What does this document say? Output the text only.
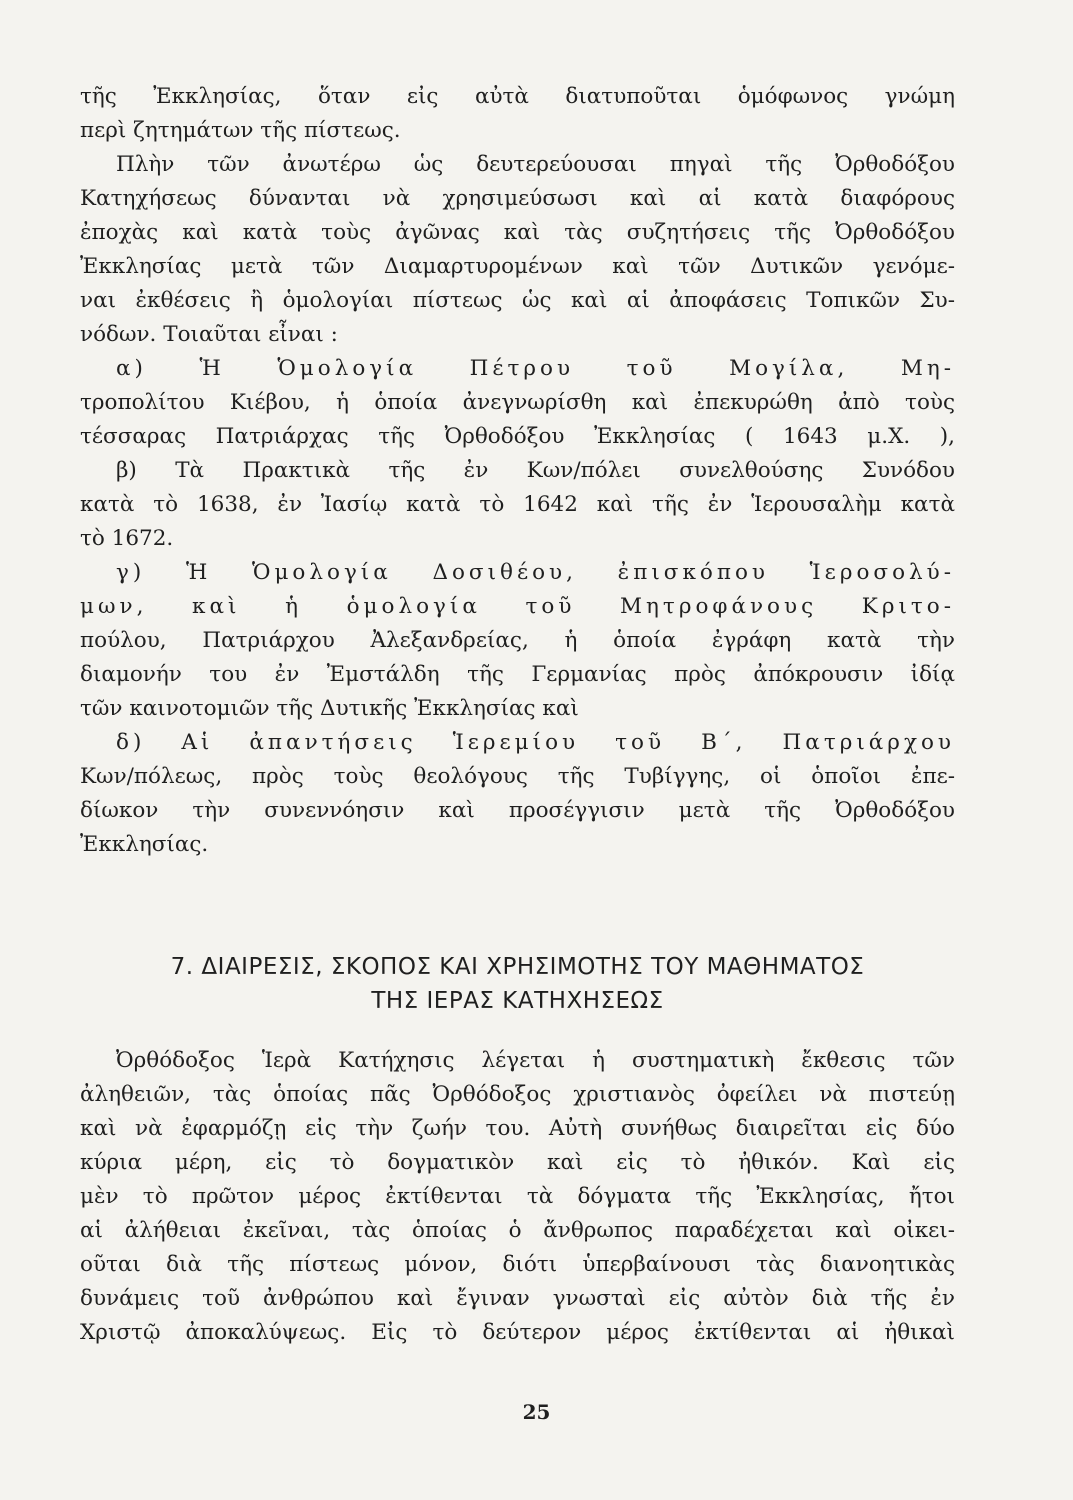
τῆς Ἐκκλησίας, ὅταν εἰς αὐτὰ διατυποῦται ὁμόφωνος γνώμη
περὶ ζητημάτων τῆς πίστεως.
Πλὴν τῶν ἀνωτέρω ὡς δευτερεύουσαι πηγαὶ τῆς Ὀρθοδόξου
Κατηχήσεως δύνανται νὰ χρησιμεύσωσι καὶ αἱ κατὰ διαφόρους
ἐποχὰς καὶ κατὰ τοὺς ἀγῶνας καὶ τὰς συζητήσεις τῆς Ὀρθοδόξου
Ἐκκλησίας μετὰ τῶν Διαμαρτυρομένων καὶ τῶν Δυτικῶν γενόμε-
ναι ἐκθέσεις ἢ ὁμολογίαι πίστεως ὡς καὶ αἱ ἀποφάσεις Τοπικῶν Συ-
νόδων. Τοιαῦται εἶναι :
α) Ἡ Ὁμολογία Πέτρου τοῦ Μογίλα, Μη-
τροπολίτου Κιέβου, ἡ ὁποία ἀνεγνωρίσθη καὶ ἐπεκυρώθη ἀπὸ τοὺς
τέσσαρας Πατριάρχας τῆς Ὀρθοδόξου Ἐκκλησίας ( 1643 μ.Χ. ),
β) Τὰ Πρακτικὰ τῆς ἐν Κων/πόλει συνελθούσης Συνόδου
κατὰ τὸ 1638, ἐν Ἰασίῳ κατὰ τὸ 1642 καὶ τῆς ἐν Ἱερουσαλὴμ κατὰ
τὸ 1672.
γ) Ἡ Ὁμολογία Δοσιθέου, ἐπισκόπου Ἱεροσολύ-
μων, καὶ ἡ ὁμολογία τοῦ Μητροφάνους Κριτο-
πούλου, Πατριάρχου Ἀλεξανδρείας, ἡ ὁποία ἐγράφη κατὰ τὴν
διαμονήν του ἐν Ἐμστάλδη τῆς Γερμανίας πρὸς ἀπόκρουσιν ἰδίᾳ
τῶν καινοτομιῶν τῆς Δυτικῆς Ἐκκλησίας καὶ
δ) Αἱ ἀπαντήσεις Ἱερεμίου τοῦ Β΄, Πατριάρχου
Κων/πόλεως, πρὸς τοὺς θεολόγους τῆς Τυβίγγης, οἱ ὁποῖοι ἐπε-
δίωκον τὴν συνεννόησιν καὶ προσέγγισιν μετὰ τῆς Ὀρθοδόξου
Ἐκκλησίας.
7. ΔΙΑΙΡΕΣΙΣ, ΣΚΟΠΟΣ ΚΑΙ ΧΡΗΣΙΜΟΤΗΣ ΤΟΥ ΜΑΘΗΜΑΤΟΣ
ΤΗΣ ΙΕΡΑΣ ΚΑΤΗΧΗΣΕΩΣ
Ὀρθόδοξος Ἱερὰ Κατήχησις λέγεται ἡ συστηματικὴ ἔκθεσις τῶν
ἀληθειῶν, τὰς ὁποίας πᾶς Ὀρθόδοξος χριστιανὸς ὀφείλει νὰ πιστεύῃ
καὶ νὰ ἐφαρμόζῃ εἰς τὴν ζωήν του. Αὐτὴ συνήθως διαιρεῖται εἰς δύο
κύρια μέρη, εἰς τὸ δογματικὸν καὶ εἰς τὸ ἠθικόν. Καὶ εἰς
μὲν τὸ πρῶτον μέρος ἐκτίθενται τὰ δόγματα τῆς Ἐκκλησίας, ἤτοι
αἱ ἀλήθειαι ἐκεῖναι, τὰς ὁποίας ὁ ἄνθρωπος παραδέχεται καὶ οἰκει-
οῦται διὰ τῆς πίστεως μόνον, διότι ὑπερβαίνουσι τὰς διανοητικὰς
δυνάμεις τοῦ ἀνθρώπου καὶ ἔγιναν γνωσταὶ εἰς αὐτὸν διὰ τῆς ἐν
Χριστῷ ἀποκαλύψεως. Εἰς τὸ δεύτερον μέρος ἐκτίθενται αἱ ἠθικαὶ
25
